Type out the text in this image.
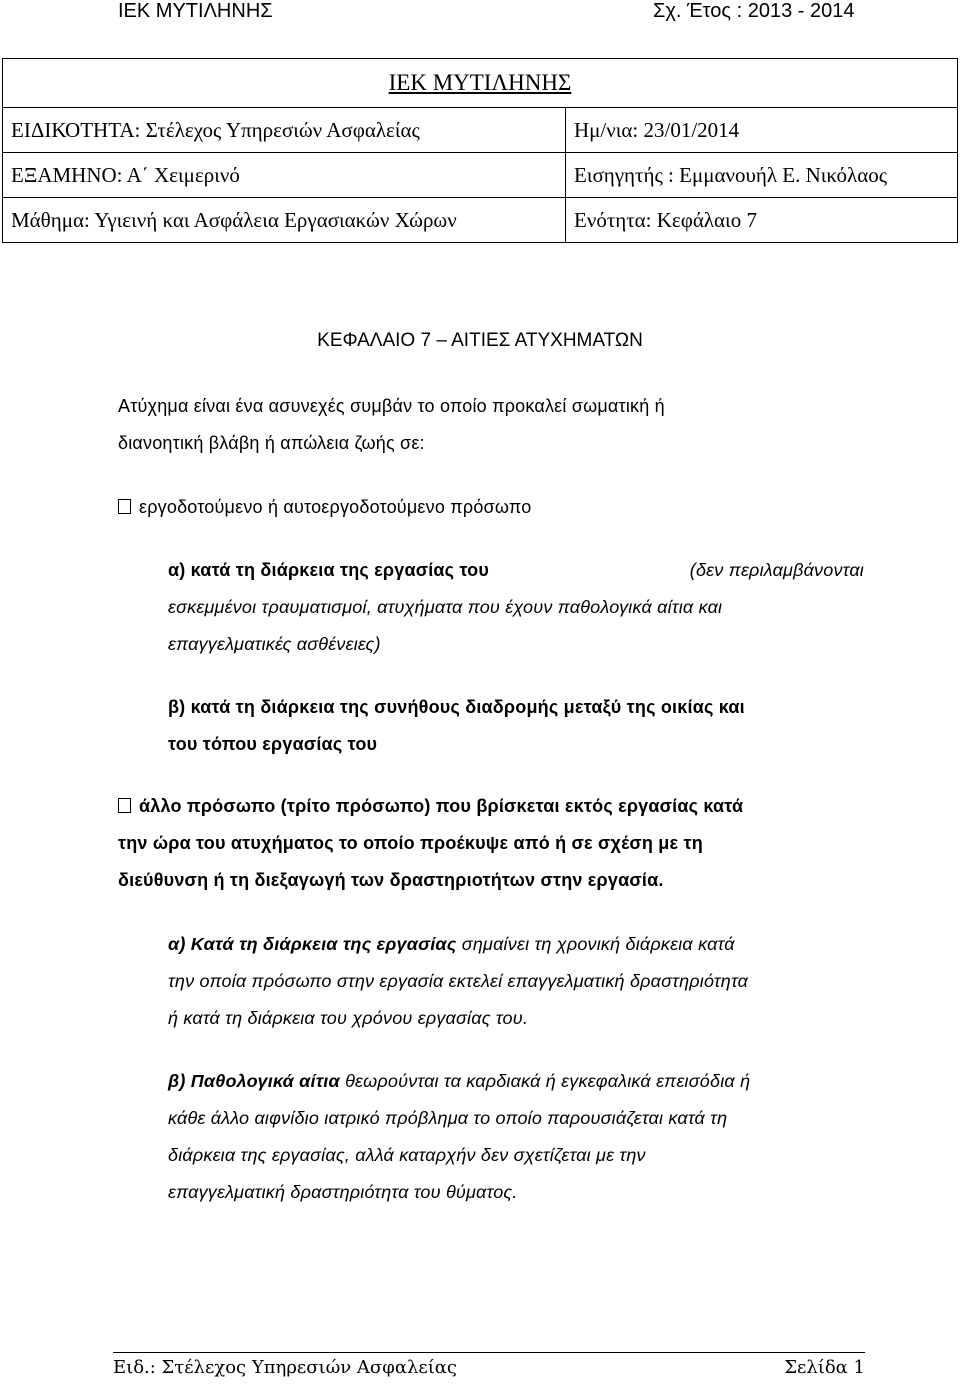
ΙΕΚ ΜΥΤΙΛΗΝΗΣ	Σχ. Έτος : 2013 - 2014
ΙΕΚ ΜΥΤΙΛΗΝΗΣ	
ΕΙΔΙΚΟΤΗΤΑ: Στέλεχος Υπηρεσιών Ασφαλείας	Ημ/νια: 23/01/2014
ΕΞΑΜΗΝΟ: Α΄ Χειμερινό	Εισηγητής : Εμμανουήλ Ε. Νικόλαος
Μάθημα: Υγιεινή και Ασφάλεια Εργασιακών Χώρων	Ενότητα: Κεφάλαιο 7
ΚΕΦΑΛΑΙΟ 7 – ΑΙΤΙΕΣ ΑΤΥΧΗΜΑΤΩΝ
Ατύχημα είναι ένα ασυνεχές συμβάν το οποίο προκαλεί σωματική ή
διανοητική βλάβη ή απώλεια ζωής σε:
εργοδοτούμενο ή αυτοεργοδοτούμενο πρόσωπο
α) κατά τη διάρκεια της εργασίας του	(δεν περιλαμβάνονται
εσκεμμένοι τραυματισμοί, ατυχήματα που έχουν παθολογικά αίτια και
επαγγελματικές ασθένειες)
β) κατά τη διάρκεια της συνήθους διαδρομής μεταξύ της οικίας και
του τόπου εργασίας του
άλλο πρόσωπο (τρίτο πρόσωπο) που βρίσκεται εκτός εργασίας κατά
την ώρα του ατυχήματος το οποίο προέκυψε από ή σε σχέση με τη
διεύθυνση ή τη διεξαγωγή των δραστηριοτήτων στην εργασία.
α) Κατά τη διάρκεια της εργασίας σημαίνει τη χρονική διάρκεια κατά
την οποία πρόσωπο στην εργασία εκτελεί επαγγελματική δραστηριότητα
ή κατά τη διάρκεια του χρόνου εργασίας του.
β) Παθολογικά αίτια θεωρούνται τα καρδιακά ή εγκεφαλικά επεισόδια ή
κάθε άλλο αιφνίδιο ιατρικό πρόβλημα το οποίο παρουσιάζεται κατά τη
διάρκεια της εργασίας, αλλά καταρχήν δεν σχετίζεται με την
επαγγελματική δραστηριότητα του θύματος.
Ειδ.: Στέλεχος Υπηρεσιών Ασφαλείας	Σελίδα 1
